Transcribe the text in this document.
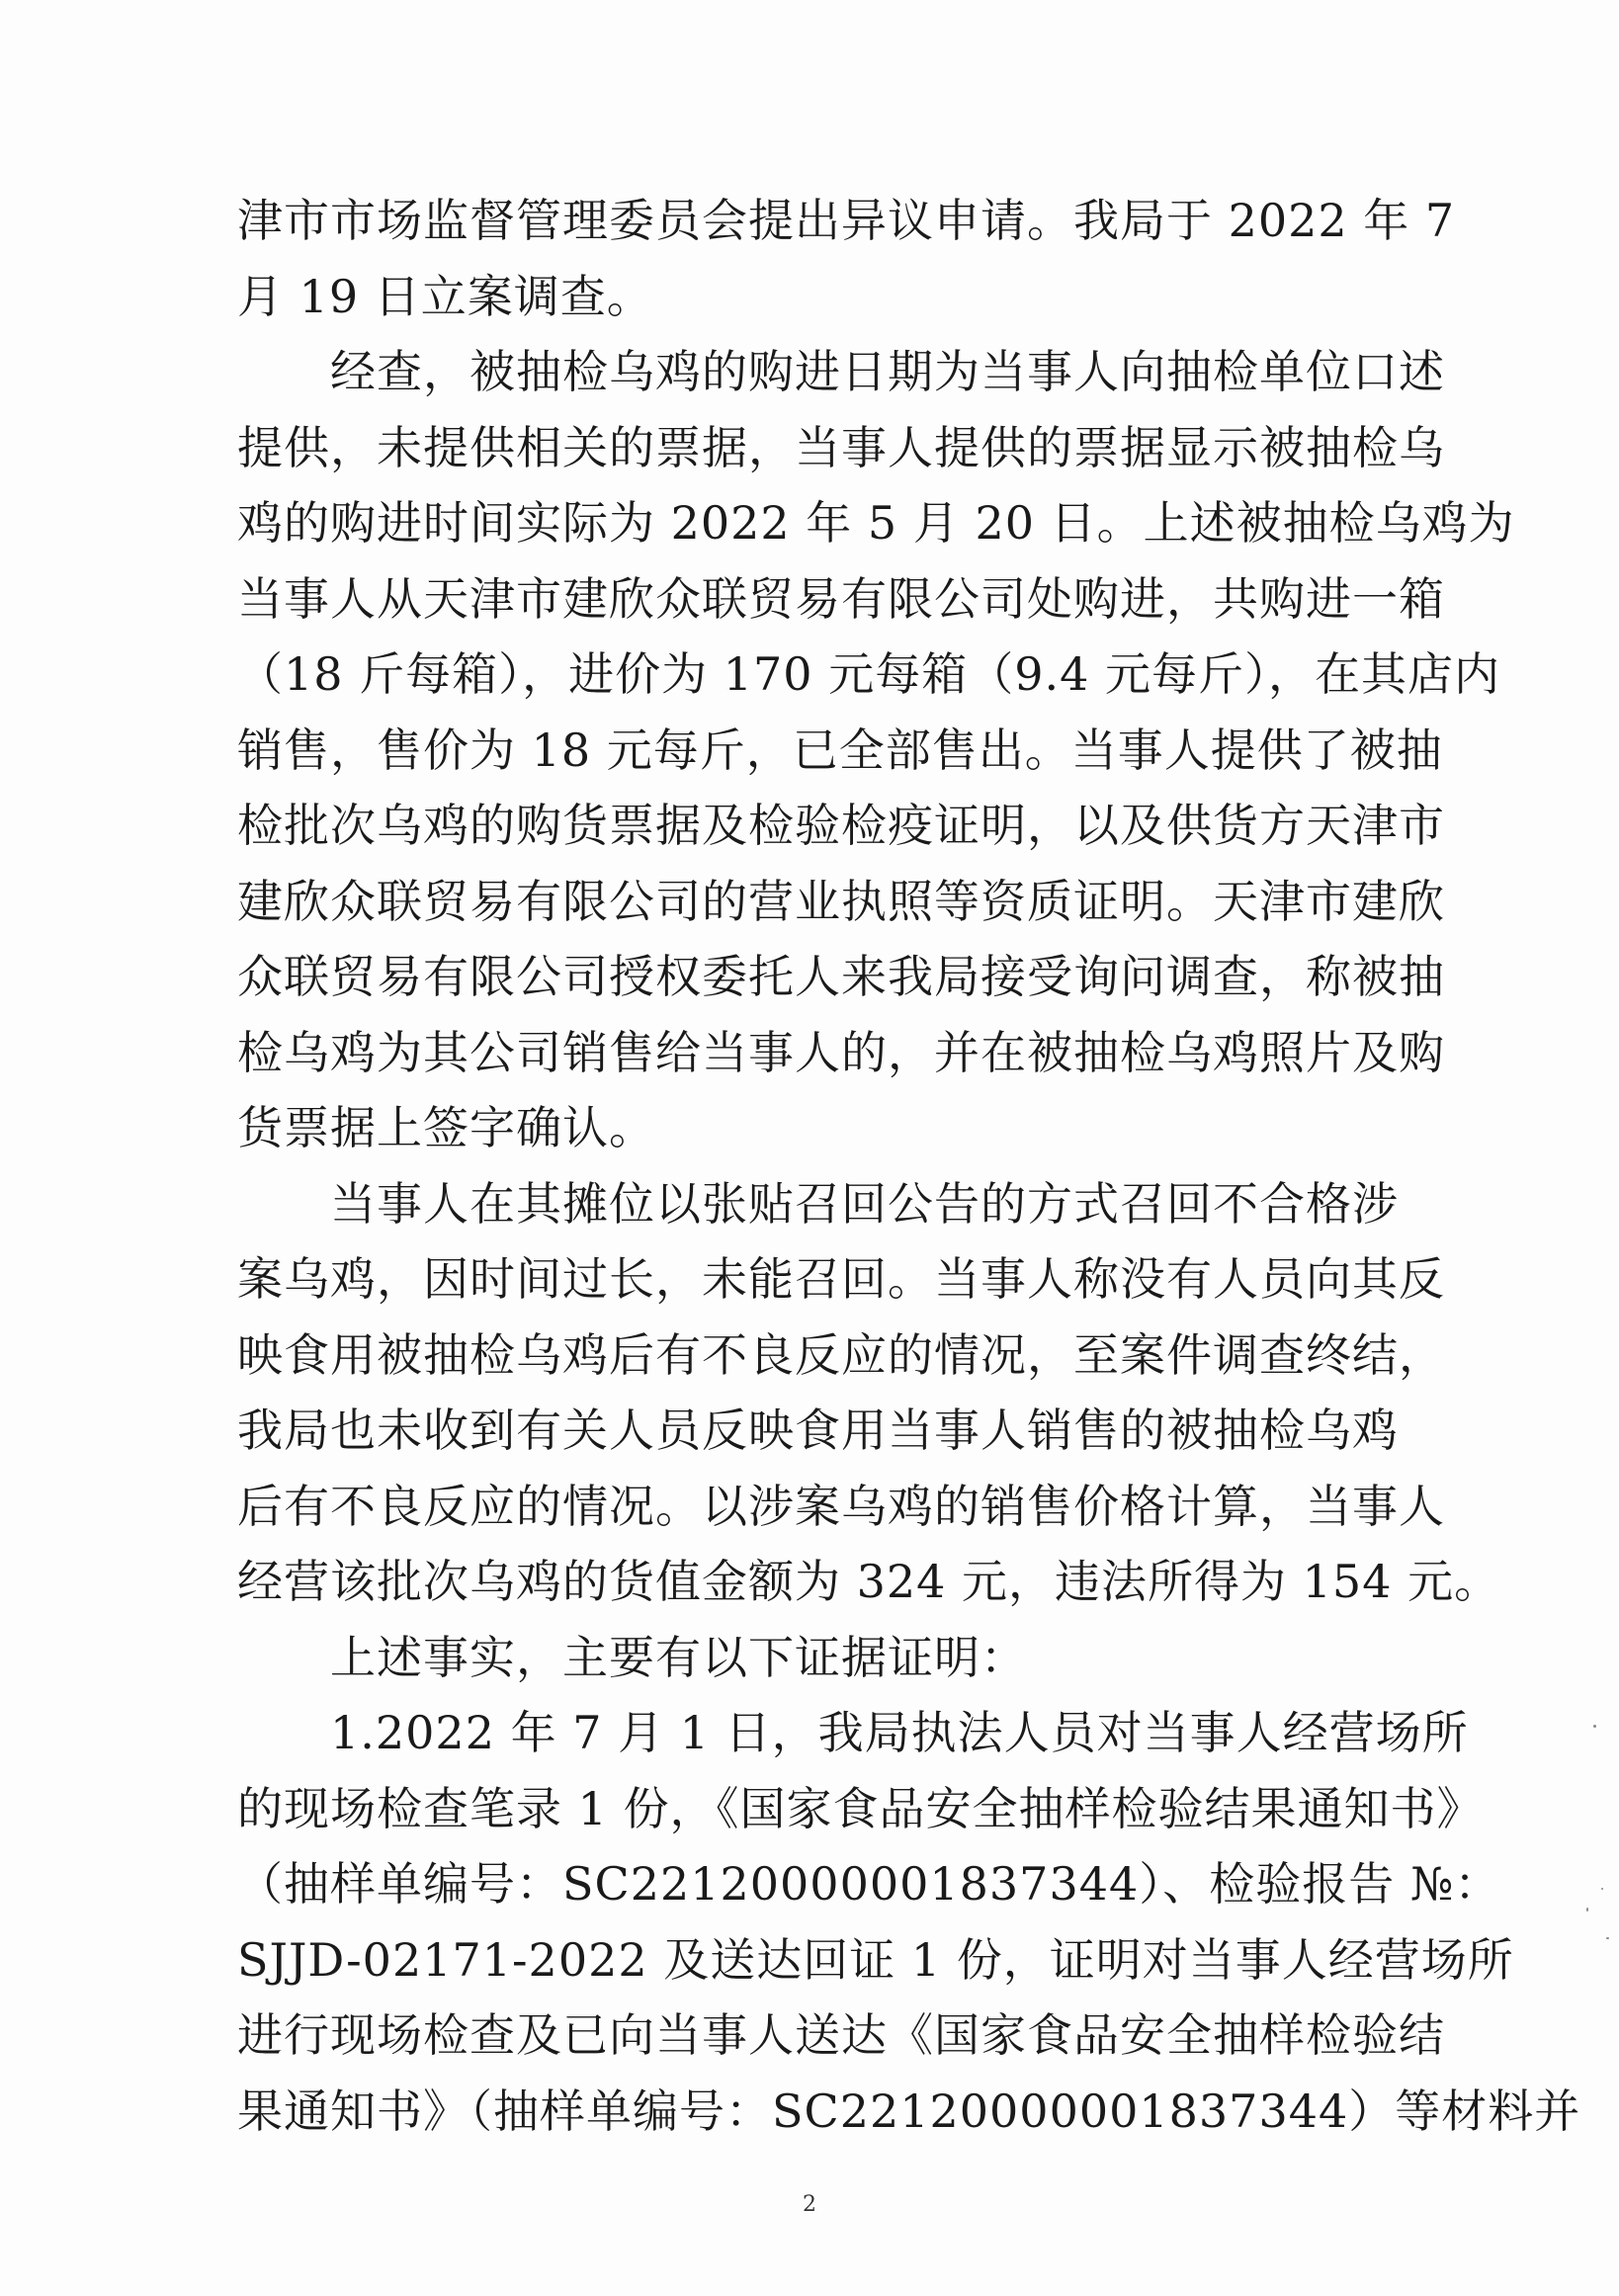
津市市场监督管理委员会提出异议申请。我局于 2022 年 7
月 19 日立案调查。
　　经查，被抽检乌鸡的购进日期为当事人向抽检单位口述
提供，未提供相关的票据，当事人提供的票据显示被抽检乌
鸡的购进时间实际为 2022 年 5 月 20 日。上述被抽检乌鸡为
当事人从天津市建欣众联贸易有限公司处购进，共购进一箱
（18 斤每箱），进价为 170 元每箱（9.4 元每斤），在其店内
销售，售价为 18 元每斤，已全部售出。当事人提供了被抽
检批次乌鸡的购货票据及检验检疫证明，以及供货方天津市
建欣众联贸易有限公司的营业执照等资质证明。天津市建欣
众联贸易有限公司授权委托人来我局接受询问调查，称被抽
检乌鸡为其公司销售给当事人的，并在被抽检乌鸡照片及购
货票据上签字确认。
　　当事人在其摊位以张贴召回公告的方式召回不合格涉
案乌鸡，因时间过长，未能召回。当事人称没有人员向其反
映食用被抽检乌鸡后有不良反应的情况，至案件调查终结，
我局也未收到有关人员反映食用当事人销售的被抽检乌鸡
后有不良反应的情况。以涉案乌鸡的销售价格计算，当事人
经营该批次乌鸡的货值金额为 324 元，违法所得为 154 元。
　　上述事实，主要有以下证据证明：
　　1.2022 年 7 月 1 日，我局执法人员对当事人经营场所
的现场检查笔录 1 份，《国家食品安全抽样检验结果通知书》
（抽样单编号：SC22120000001837344）、检验报告 №：
SJJD-02171-2022 及送达回证 1 份，证明对当事人经营场所
进行现场检查及已向当事人送达《国家食品安全抽样检验结
果通知书》（抽样单编号：SC22120000001837344）等材料并
2
